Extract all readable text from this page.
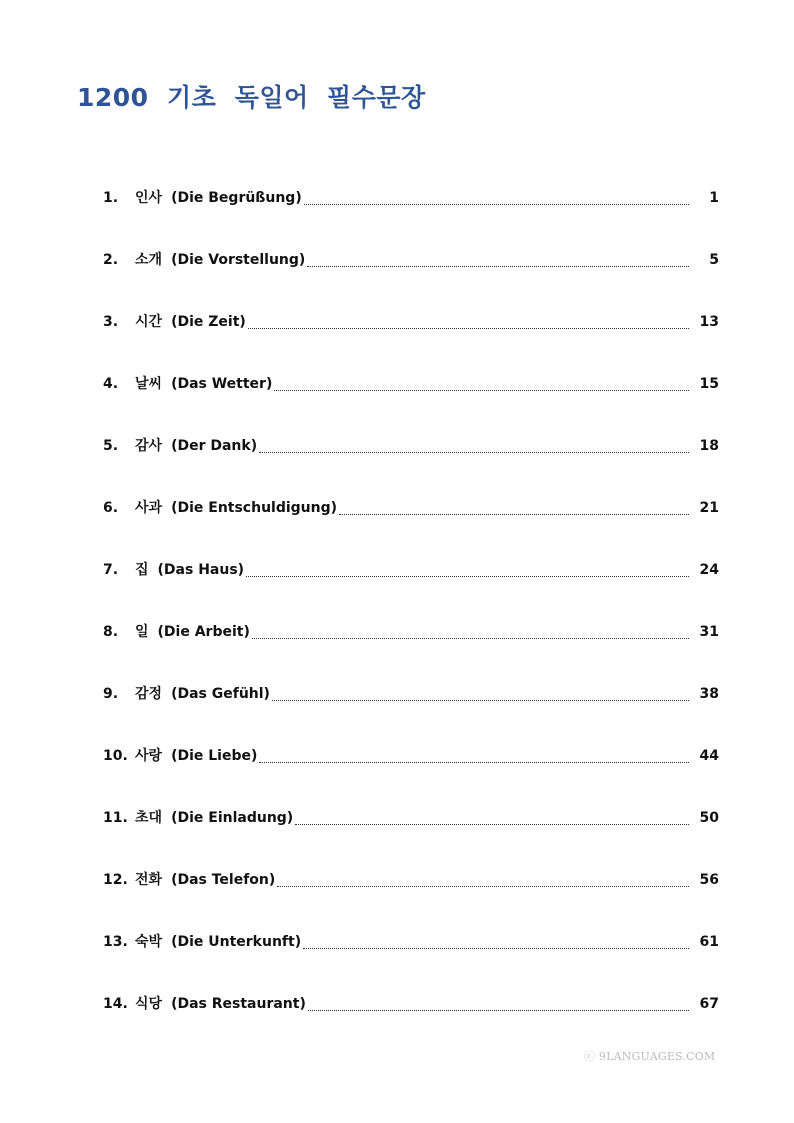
1200  기초  독일어  필수문장
1.	인사 (Die Begrüßung)	1
2.	소개 (Die Vorstellung)	5
3.	시간 (Die Zeit)	13
4.	날씨 (Das Wetter)	15
5.	감사 (Der Dank)	18
6.	사과 (Die Entschuldigung)	21
7.	집 (Das Haus)	24
8.	일 (Die Arbeit)	31
9.	감정 (Das Gefühl)	38
10. 사랑 (Die Liebe)	44
11. 초대 (Die Einladung)	50
12. 전화 (Das Telefon)	56
13. 숙박 (Die Unterkunft)	61
14. 식당 (Das Restaurant)	67
ⓒ 9LANGUAGES.COM
